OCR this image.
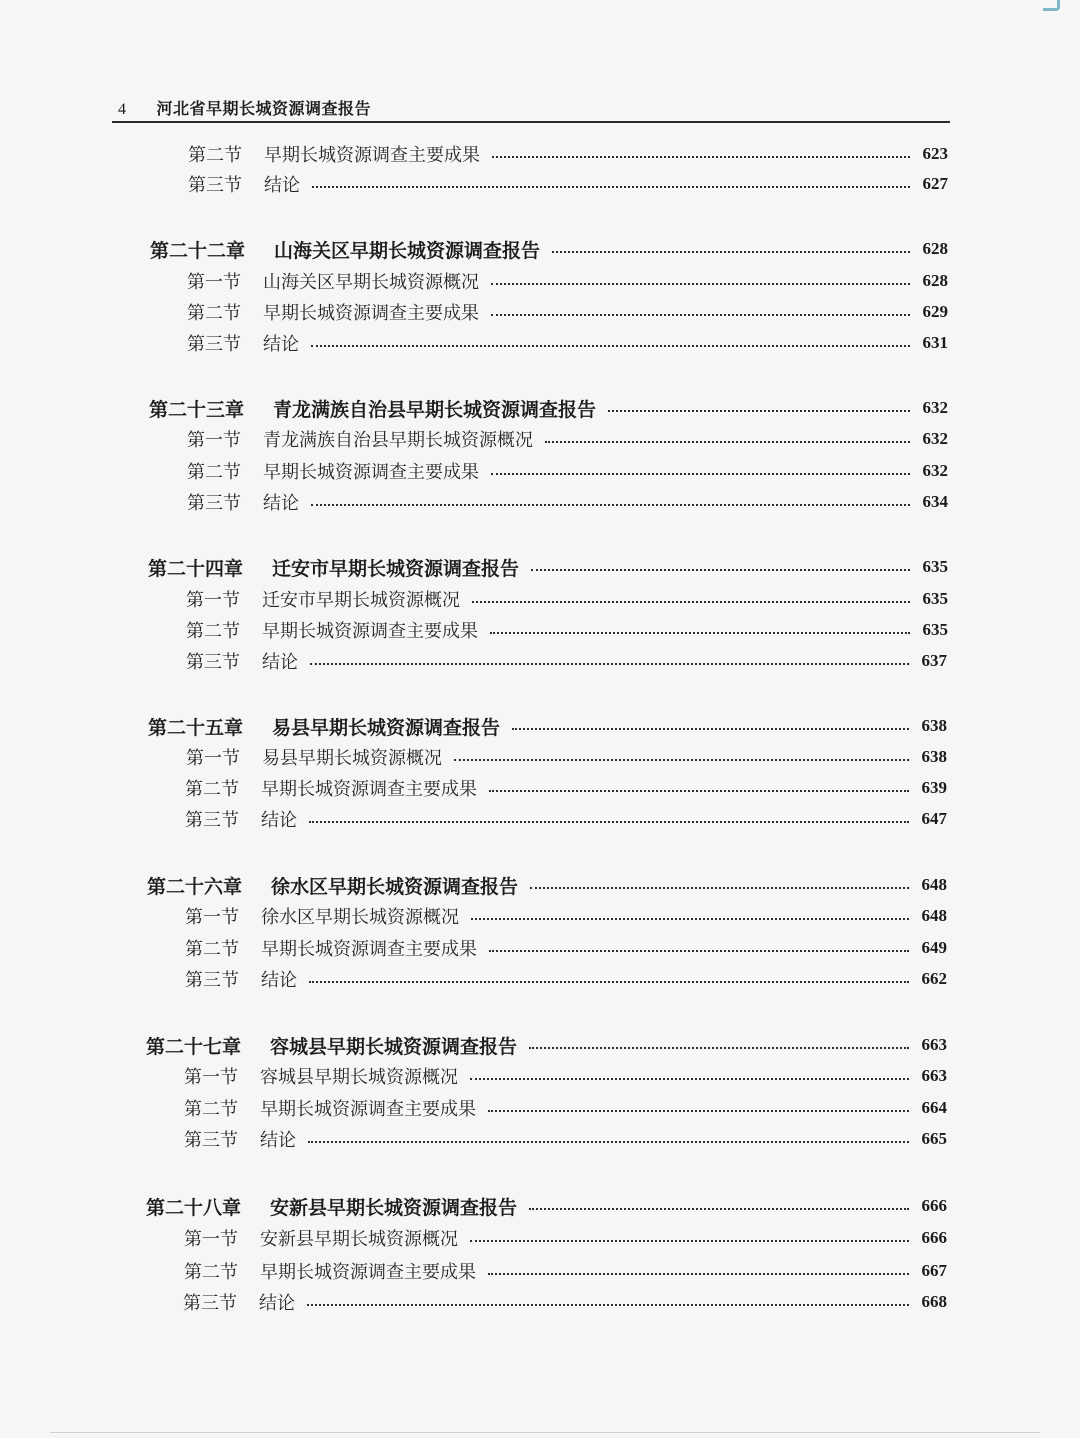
4 河北省早期长城资源调查报告
第二节	早期长城资源调查主要成果	623
第三节	结论	627
第二十二章	山海关区早期长城资源调查报告	628
第一节	山海关区早期长城资源概况	628
第二节	早期长城资源调查主要成果	629
第三节	结论	631
第二十三章	青龙满族自治县早期长城资源调查报告	632
第一节	青龙满族自治县早期长城资源概况	632
第二节	早期长城资源调查主要成果	632
第三节	结论	634
第二十四章	迁安市早期长城资源调查报告	635
第一节	迁安市早期长城资源概况	635
第二节	早期长城资源调查主要成果	635
第三节	结论	637
第二十五章	易县早期长城资源调查报告	638
第一节	易县早期长城资源概况	638
第二节	早期长城资源调查主要成果	639
第三节	结论	647
第二十六章	徐水区早期长城资源调查报告	648
第一节	徐水区早期长城资源概况	648
第二节	早期长城资源调查主要成果	649
第三节	结论	662
第二十七章	容城县早期长城资源调查报告	663
第一节	容城县早期长城资源概况	663
第二节	早期长城资源调查主要成果	664
第三节	结论	665
第二十八章	安新县早期长城资源调查报告	666
第一节	安新县早期长城资源概况	666
第二节	早期长城资源调查主要成果	667
第三节	结论	668
